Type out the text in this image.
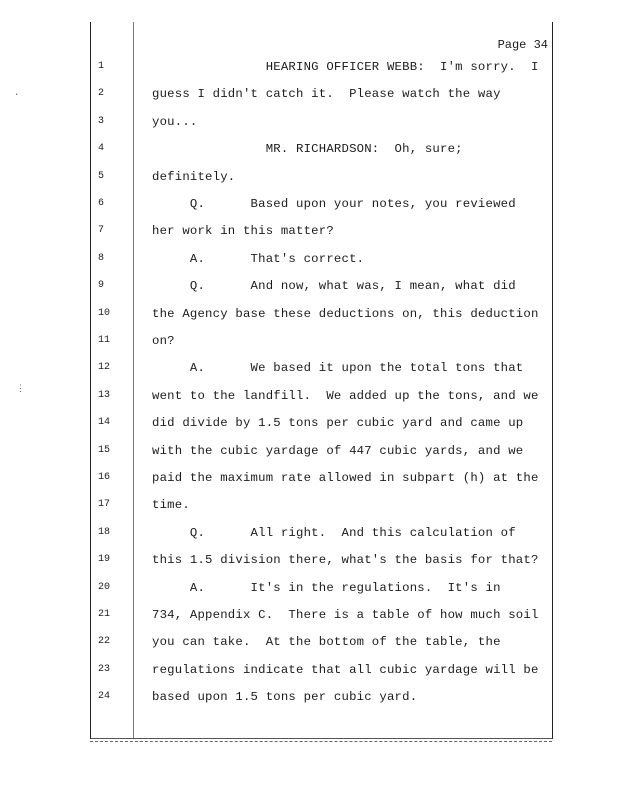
Page 34
1	HEARING OFFICER WEBB:  I'm sorry.  I
2	guess I didn't catch it.  Please watch the way
3	you...
4	MR. RICHARDSON:  Oh, sure;
5	definitely.
6	Q.      Based upon your notes, you reviewed
7	her work in this matter?
8	A.      That's correct.
9	Q.      And now, what was, I mean, what did
10	the Agency base these deductions on, this deduction
11	on?
12	A.      We based it upon the total tons that
13	went to the landfill.  We added up the tons, and we
14	did divide by 1.5 tons per cubic yard and came up
15	with the cubic yardage of 447 cubic yards, and we
16	paid the maximum rate allowed in subpart (h) at the
17	time.
18	Q.      All right.  And this calculation of
19	this 1.5 division there, what's the basis for that?
20	A.      It's in the regulations.  It's in
21	734, Appendix C.  There is a table of how much soil
22	you can take.  At the bottom of the table, the
23	regulations indicate that all cubic yardage will be
24	based upon 1.5 tons per cubic yard.
·
⋮
